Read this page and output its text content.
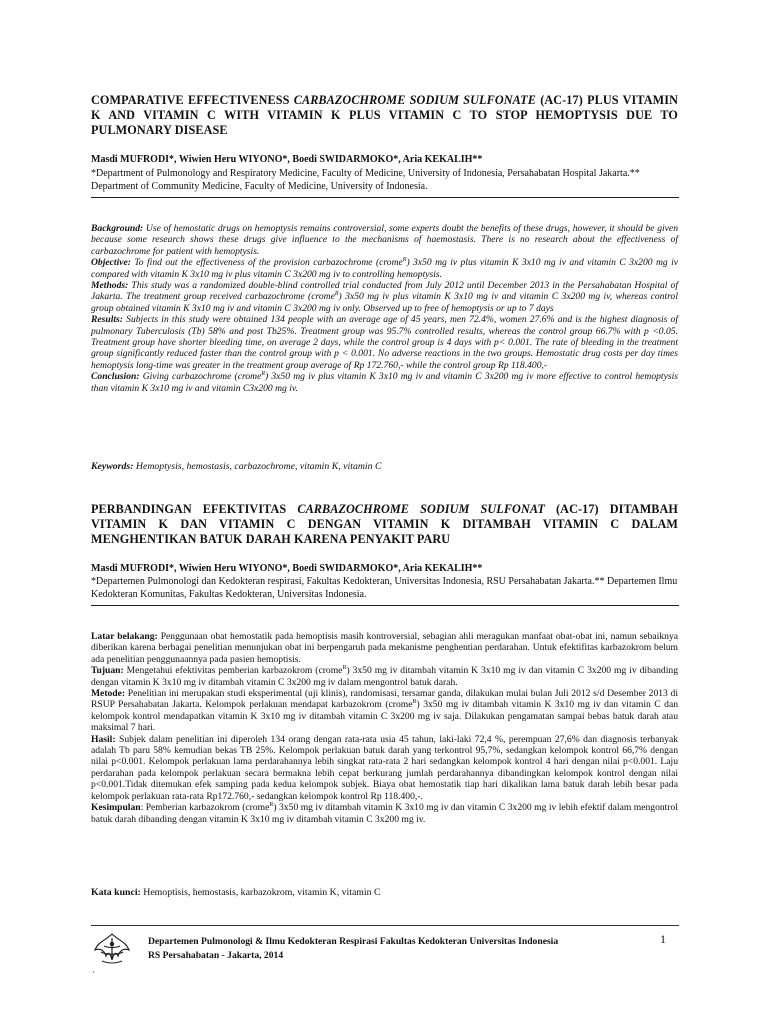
COMPARATIVE EFFECTIVENESS CARBAZOCHROME SODIUM SULFONATE (AC-17) PLUS VITAMIN K AND VITAMIN C WITH VITAMIN K PLUS VITAMIN C TO STOP HEMOPTYSIS DUE TO PULMONARY DISEASE
Masdi MUFRODI*, Wiwien Heru WIYONO*, Boedi SWIDARMOKO*, Aria KEKALIH**
*Department of Pulmonology and Respiratory Medicine, Faculty of Medicine, University of Indonesia, Persahabatan Hospital Jakarta.** Department of Community Medicine, Faculty of Medicine, University of Indonesia.

Background: Use of hemostatic drugs on hemoptysis remains controversial, some experts doubt the benefits of these drugs, however, it should be given because some research shows these drugs give influence to the mechanisms of haemostasis. There is no research about the effectiveness of carbazochrome for patient with hemoptysis.

Objective: To find out the effectiveness of the provision carbazochrome (crome$^R$) 3x50 mg iv plus vitamin K 3x10 mg iv and vitamin C 3x200 mg iv compared with vitamin K 3x10 mg iv plus vitamin C 3x200 mg iv to controlling hemoptysis.

Methods: This study was a randomized double-blind controlled trial conducted from July 2012 until December 2013 in the Persahabatan Hospital of Jakarta. The treatment group received carbazochrome (crome$^R$) 3x50 mg iv plus vitamin K 3x10 mg iv and vitamin C 3x200 mg iv, whereas control group obtained vitamin K 3x10 mg iv and vitamin C 3x200 mg iv only. Observed up to free of hemoptysis or up to 7 days

Results: Subjects in this study were obtained 134 people with an average age of 45 years, men 72.4%, women 27.6% and is the highest diagnosis of pulmonary Tuberculosis (Tb) 58% and post Tb25%. Treatment group was 95.7% controlled results, whereas the control group 66.7% with p <0.05. Treatment group have shorter bleeding time, on average 2 days, while the control group is 4 days with p< 0.001. The rate of bleeding in the treatment group significantly reduced faster than the control group with p < 0.001. No adverse reactions in the two groups. Hemostatic drug costs per day times hemoptysis long-time was greater in the treatment group average of Rp 172.760,- while the control group Rp 118.400,-

Conclusion: Giving carbazochrome (crome$^R$) 3x50 mg iv plus vitamin K 3x10 mg iv and vitamin C 3x200 mg iv more effective to control hemoptysis than vitamin K 3x10 mg iv and vitamin C3x200 mg iv.

Keywords: Hemoptysis, hemostasis, carbazochrome, vitamin K, vitamin C
PERBANDINGAN EFEKTIVITAS CARBAZOCHROME SODIUM SULFONAT (AC-17) DITAMBAH VITAMIN K DAN VITAMIN C DENGAN VITAMIN K DITAMBAH VITAMIN C DALAM MENGHENTIKAN BATUK DARAH KARENA PENYAKIT PARU
Masdi MUFRODI*, Wiwien Heru WIYONO*, Boedi SWIDARMOKO*, Aria KEKALIH**
*Departemen Pulmonologi dan Kedokteran respirasi, Fakultas Kedokteran, Universitas Indonesia, RSU Persahabatan Jakarta.** Departemen Ilmu Kedokteran Komunitas, Fakultas Kedokteran, Universitas Indonesia.

Latar belakang: Penggunaan obat hemostatik pada hemoptisis masih kontroversial, sebagian ahli meragukan manfaat obat-obat ini, namun sebaiknya diberikan karena berbagai penelitian menunjukan obat ini berpengaruh pada mekanisme penghentian perdarahan. Untuk efektifitas karbazokrom belum ada penelitian penggunaannya pada pasien hemoptisis.

Tujuan: Mengetahui efektivitas pemberian karbazokrom (crome$^R$) 3x50 mg iv ditambah vitamin K 3x10 mg iv dan vitamin C 3x200 mg iv dibanding dengan vitamin K 3x10 mg iv ditambah vitamin C 3x200 mg iv dalam mengontrol batuk darah.

Metode: Penelitian ini merupakan studi eksperimental (uji klinis), randomisasi, tersamar ganda, dilakukan mulai bulan Juli 2012 s/d Desember 2013 di RSUP Persahabatan Jakarta. Kelompok perlakuan mendapat karbazokrom (crome$^R$) 3x50 mg iv ditambah vitamin K 3x10 mg iv dan vitamin C dan kelompok kontrol mendapatkan vitamin K 3x10 mg iv ditambah vitamin C 3x200 mg iv saja. Dilakukan pengamatan sampai bebas batuk darah atau maksimal 7 hari.

Hasil: Subjek dalam penelitian ini diperoleh 134 orang dengan rata-rata usia 45 tahun, laki-laki 72,4 %, perempuan 27,6% dan diagnosis terbanyak adalah Tb paru 58% kemudian bekas TB 25%. Kelompok perlakuan batuk darah yang terkontrol 95,7%, sedangkan kelompok kontrol 66,7% dengan nilai p<0.001. Kelompok perlakuan lama perdarahannya lebih singkat rata-rata 2 hari sedangkan kelompok kontrol 4 hari dengan nilai p<0.001. Laju perdarahan pada kelompok perlakuan secara bermakna lebih cepat berkurang jumlah perdarahannya dibandingkan kelompok kontrol dengan nilai p<0.001.Tidak ditemukan efek samping pada kedua kelompok subjek. Biaya obat hemostatik tiap hari dikalikan lama batuk darah lebih besar pada kelompok perlakuan rata-rata Rp172.760,- sedangkan kelompok kontrol Rp 118.400,-.

Kesimpulan: Pemberian karbazokrom (crome$^R$) 3x50 mg iv ditambah vitamin K 3x10 mg iv dan vitamin C 3x200 mg iv lebih efektif dalam mengontrol batuk darah dibanding dengan vitamin K 3x10 mg iv ditambah vitamin C 3x200 mg iv.

Kata kunci: Hemoptisis, hemostasis, karbazokrom, vitamin K, vitamin C
Departemen Pulmonologi & Ilmu Kedokteran Respirasi Fakultas Kedokteran Universitas Indonesia
RS Persahabatan - Jakarta, 2014
1
`
